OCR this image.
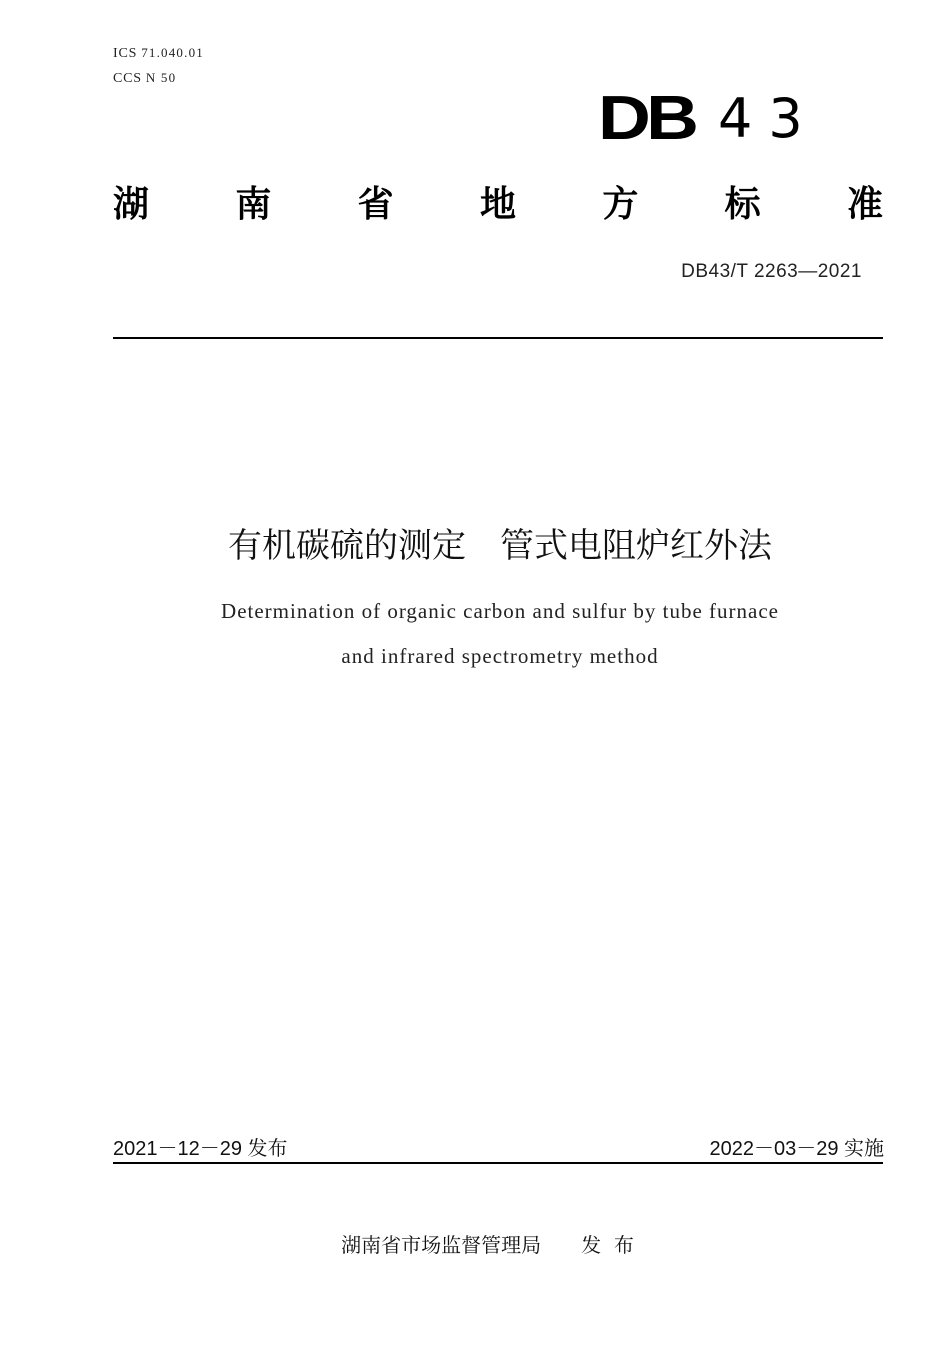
ICS 71.040.01
CCS N 50
DB 43
湖 南 省 地 方 标 准
DB43/T 2263—2021
有机碳硫的测定　管式电阻炉红外法
Determination of organic carbon and sulfur by tube furnace
and infrared spectrometry method
2021－12－29 发布	2022－03－29 实施
湖南省市场监督管理局　　发  布
